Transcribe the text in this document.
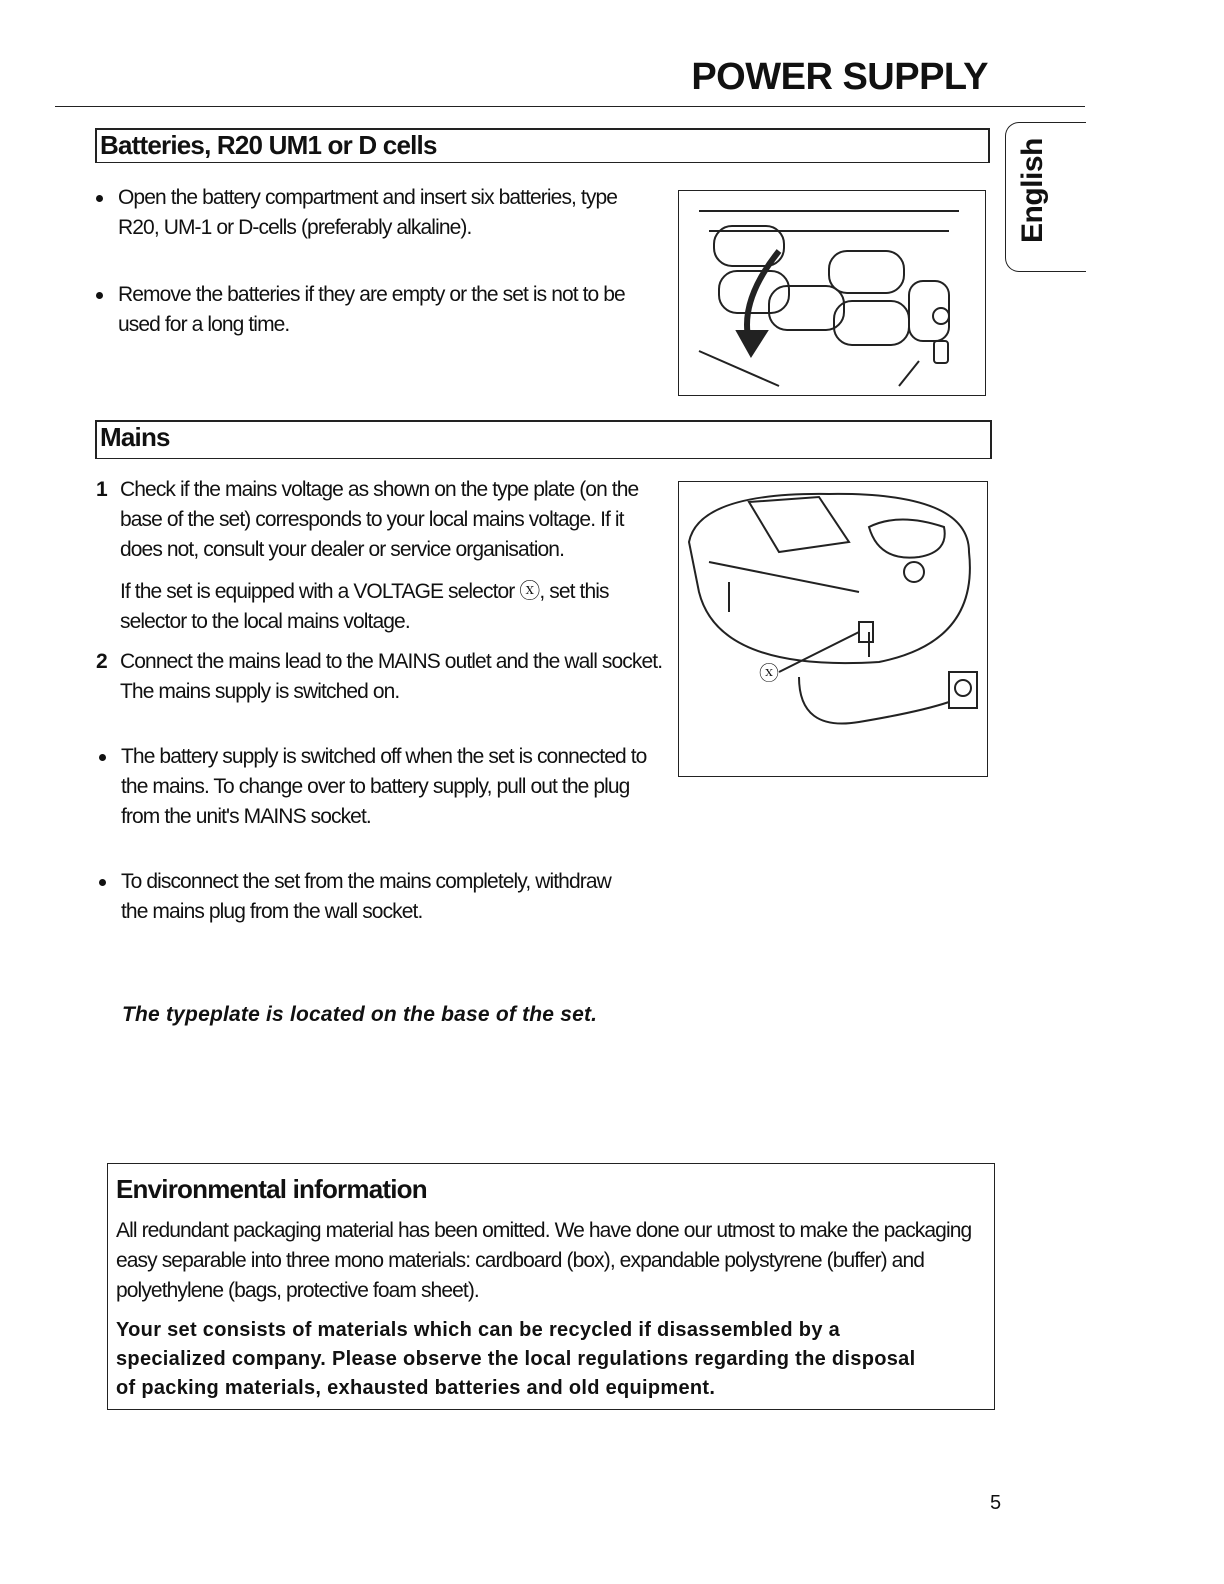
POWER SUPPLY
English
Batteries, R20 UM1 or D cells
Open the battery compartment and insert six batteries, type
R20, UM-1 or D-cells (preferably alkaline).
Remove the batteries if they are empty or the set is not to be
used for a long time.
Mains
1 Check if the mains voltage as shown on the type plate (on the
base of the set) corresponds to your local mains voltage. If it
does not, consult your dealer or service organisation.
If the set is equipped with a VOLTAGE selector ⓧ, set this
selector to the local mains voltage.
2 Connect the mains lead to the MAINS outlet and the wall socket.
The mains supply is switched on.
The battery supply is switched off when the set is connected to
the mains. To change over to battery supply, pull out the plug
from the unit's MAINS socket.
To disconnect the set from the mains completely, withdraw
the mains plug from the wall socket.
ⓧ
The typeplate is located on the base of the set.
Environmental information
All redundant packaging material has been omitted. We have done our utmost to make the packaging
easy separable into three mono materials: cardboard (box), expandable polystyrene (buffer) and
polyethylene (bags, protective foam sheet).
Your set consists of materials which can be recycled if disassembled by a
specialized company. Please observe the local regulations regarding the disposal
of packing materials, exhausted batteries and old equipment.
5
